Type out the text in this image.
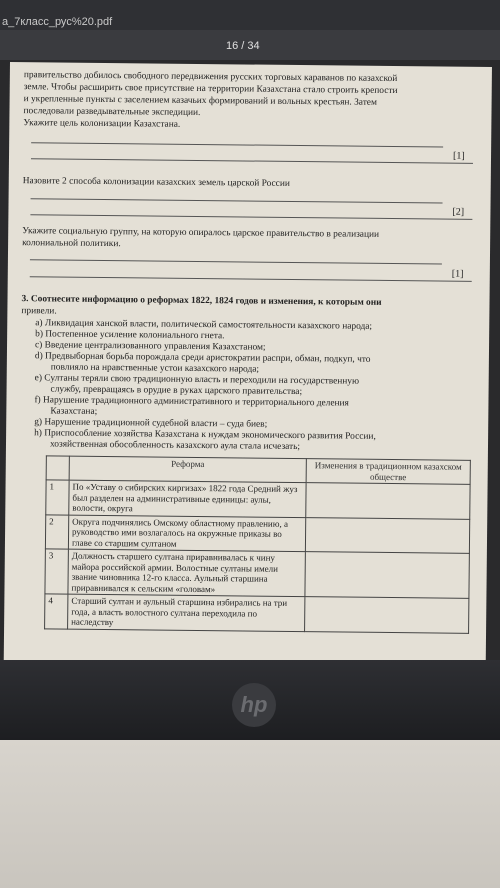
a_7класс_рус%20.pdf
16 / 34
правительство добилось свободного передвижения русских торговых караванов по казахской
земле. Чтобы расширить свое присутствие на территории Казахстана стало строить крепости
и укрепленные пункты с заселением казачьих формирований и вольных крестьян. Затем
последовали разведывательные экспедиции.
Укажите цель колонизации Казахстана.
[1]
Назовите 2 способа колонизации казахских земель царской России
[2]
Укажите социальную группу, на которую опиралось царское правительство в реализации
колониальной политики.
[1]
3. Соотнесите информацию о реформах 1822, 1824 годов и изменения, к которым они
привели.
a) Ликвидация ханской власти, политической самостоятельности казахского народа;
b) Постепенное усиление колониального гнета.
c) Введение централизованного управления Казахстаном;
d) Предвыборная борьба порождала среди аристократии распри, обман, подкуп, что
повлияло на нравственные устои казахского народа;
e) Султаны теряли свою традиционную власть и переходили на государственную
службу, превращаясь в орудие в руках царского правительства;
f) Нарушение традиционного административного и территориального деления
Казахстана;
g) Нарушение традиционной судебной власти – суда биев;
h) Приспособление хозяйства Казахстана к нуждам экономического развития России,
хозяйственная обособленность казахского аула стала исчезать;
	Реформа	Изменения в традиционном казахском обществе
1	По «Уставу о сибирских киргизах» 1822 года Средний жуз был разделен на административные единицы: аулы, волости, округа	
2	Округа подчинялись Омскому областному правлению, а руководство ими возлагалось на окружные приказы во главе со старшим султаном	
3	Должность старшего султана приравнивалась к чину майора российской армии. Волостные султаны имели звание чиновника 12-го класса. Аульный старшина приравнивался к сельским «головам»	
4	Старший султан и аульный старшина избирались на три года, а власть волостного султана переходила по наследству	
hp
